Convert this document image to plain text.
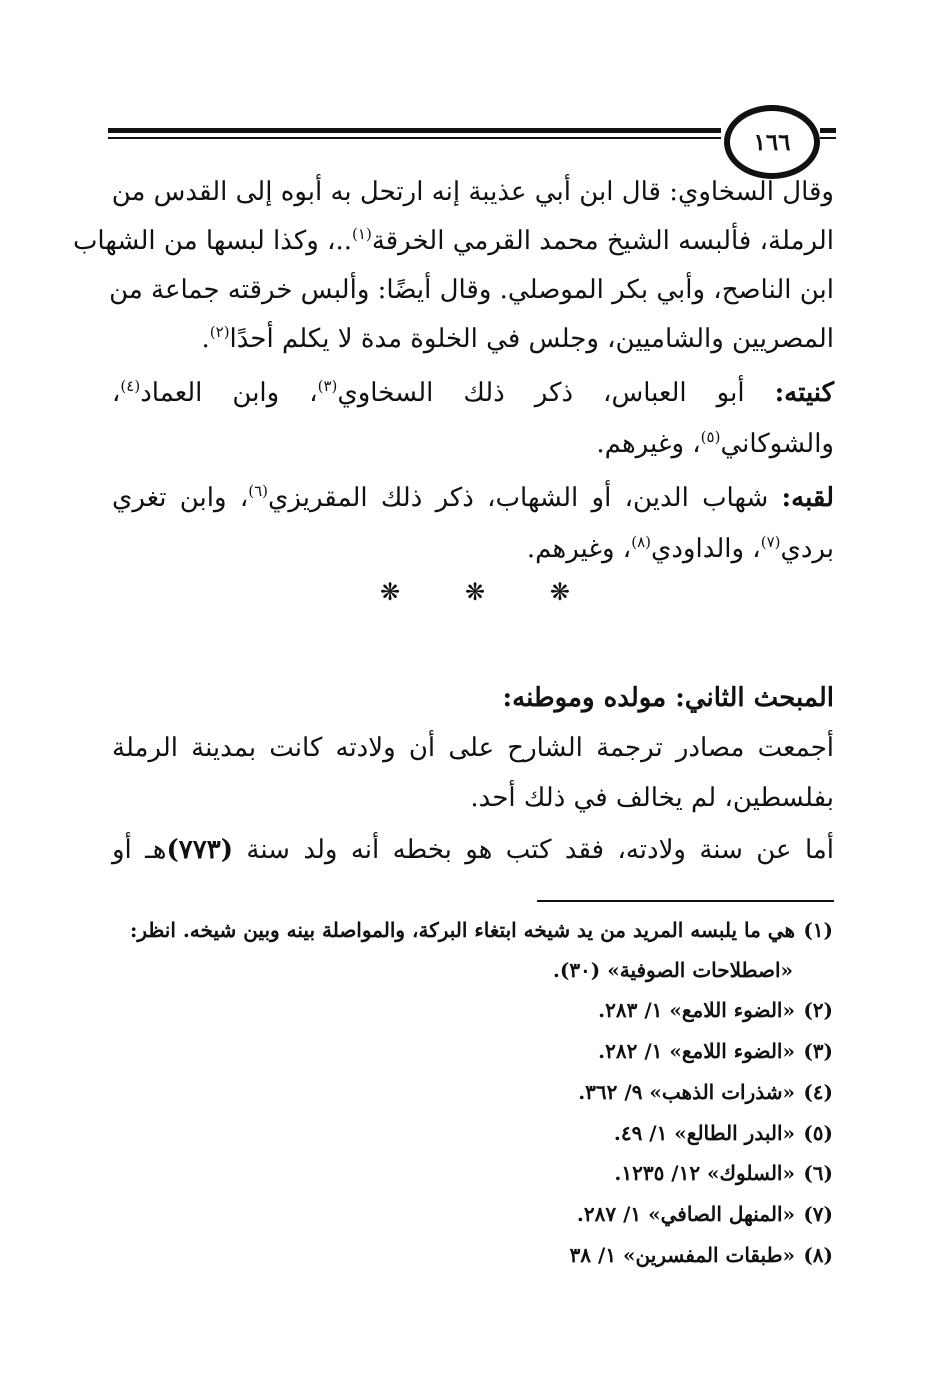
١٦٦
وقال السخاوي: قال ابن أبي عذيبة إنه ارتحل به أبوه إلى القدس من
الرملة، فألبسه الشيخ محمد القرمي الخرقة$^{(١)}$..، وكذا لبسها من الشهاب
ابن الناصح، وأبي بكر الموصلي. وقال أيضًا: وألبس خرقته جماعة من
المصريين والشاميين، وجلس في الخلوة مدة لا يكلم أحدًا$^{(٢)}$.
كنيته: أبو العباس، ذكر ذلك السخاوي$^{(٣)}$، وابن العماد$^{(٤)}$،
والشوكاني$^{(٥)}$، وغيرهم.
لقبه: شهاب الدين، أو الشهاب، ذكر ذلك المقريزي$^{(٦)}$، وابن تغري
بردي$^{(٧)}$، والداودي$^{(٨)}$، وغيرهم.
❋	❋	❋
المبحث الثاني: مولده وموطنه:
أجمعت مصادر ترجمة الشارح على أن ولادته كانت بمدينة الرملة
بفلسطين، لم يخالف في ذلك أحد.
أما عن سنة ولادته، فقد كتب هو بخطه أنه ولد سنة (٧٧٣)هـ أو
(١)هي ما يلبسه المريد من يد شيخه ابتغاء البركة، والمواصلة بينه وبين شيخه. انظر:
«اصطلاحات الصوفية» (٣٠).
(٢)«الضوء اللامع» ١/ ٢٨٣.
(٣)«الضوء اللامع» ١/ ٢٨٢.
(٤)«شذرات الذهب» ٩/ ٣٦٢.
(٥)«البدر الطالع» ١/ ٤٩.
(٦)«السلوك» ١٢/ ١٢٣٥.
(٧)«المنهل الصافي» ١/ ٢٨٧.
(٨)«طبقات المفسرين» ١/ ٣٨
